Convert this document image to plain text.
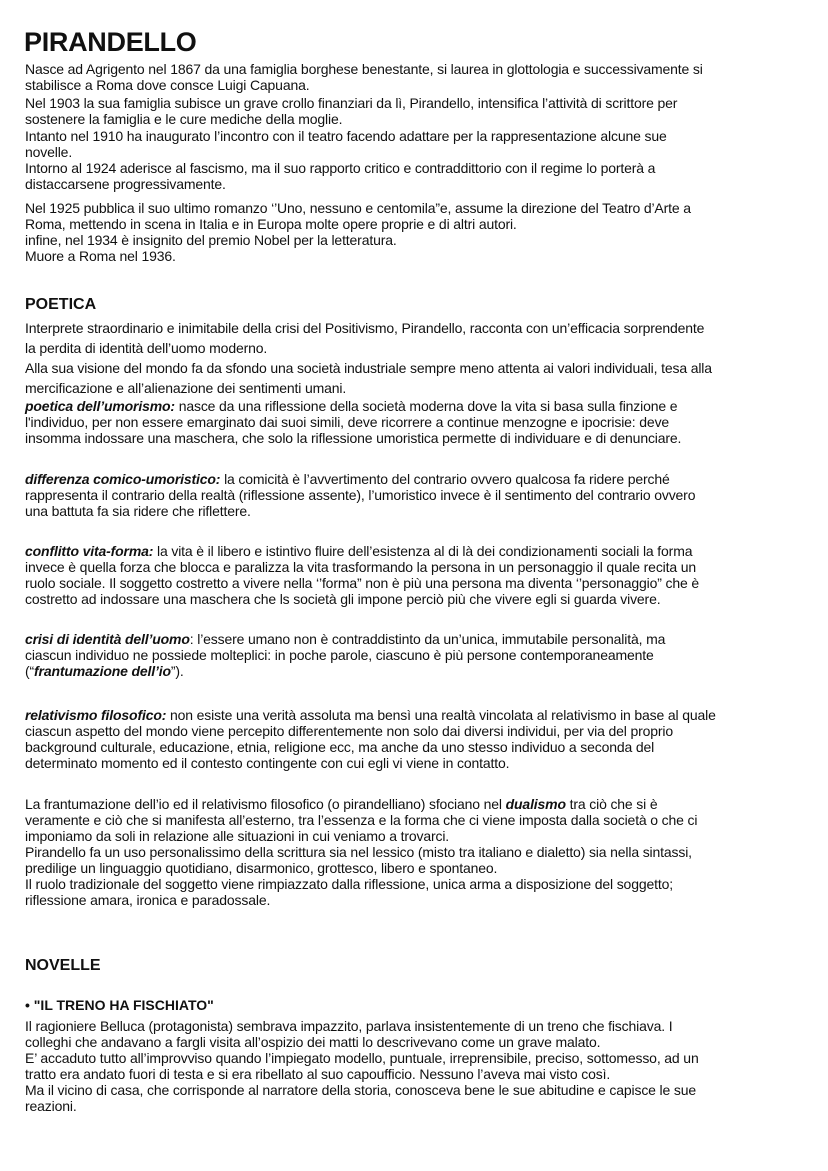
PIRANDELLO
Nasce ad Agrigento nel 1867 da una famiglia borghese benestante, si laurea in glottologia e successivamente si
stabilisce a Roma dove consce Luigi Capuana.
Nel 1903 la sua famiglia subisce un grave crollo finanziari da lì, Pirandello, intensifica l’attività di scrittore per
sostenere la famiglia e le cure mediche della moglie.
Intanto nel 1910 ha inaugurato l’incontro con il teatro facendo adattare per la rappresentazione alcune sue
novelle.
Intorno al 1924 aderisce al fascismo, ma il suo rapporto critico e contraddittorio con il regime lo porterà a
distaccarsene progressivamente.
Nel 1925 pubblica il suo ultimo romanzo ‘’Uno, nessuno e centomila”e, assume la direzione del Teatro d’Arte a
Roma, mettendo in scena in Italia e in Europa molte opere proprie e di altri autori.
infine, nel 1934 è insignito del premio Nobel per la letteratura.
Muore a Roma nel 1936.
POETICA
Interprete straordinario e inimitabile della crisi del Positivismo, Pirandello, racconta con un’efficacia sorprendente
la perdita di identità dell’uomo moderno.
Alla sua visione del mondo fa da sfondo una società industriale sempre meno attenta ai valori individuali, tesa alla
mercificazione e all’alienazione dei sentimenti umani.
poetica dell’umorismo: nasce da una riflessione della società moderna dove la vita si basa sulla finzione e
l'individuo, per non essere emarginato dai suoi simili, deve ricorrere a continue menzogne e ipocrisie: deve
insomma indossare una maschera, che solo la riflessione umoristica permette di individuare e di denunciare.
differenza comico-umoristico: la comicità è l’avvertimento del contrario ovvero qualcosa fa ridere perché
rappresenta il contrario della realtà (riflessione assente), l’umoristico invece è il sentimento del contrario ovvero
una battuta fa sia ridere che riflettere.
conflitto vita-forma: la vita è il libero e istintivo fluire dell’esistenza al di là dei condizionamenti sociali la forma
invece è quella forza che blocca e paralizza la vita trasformando la persona in un personaggio il quale recita un
ruolo sociale. Il soggetto costretto a vivere nella ‘’forma” non è più una persona ma diventa ‘’personaggio” che è
costretto ad indossare una maschera che ls società gli impone perciò più che vivere egli si guarda vivere.
crisi di identità dell’uomo: l’essere umano non è contraddistinto da un’unica, immutabile personalità, ma
ciascun individuo ne possiede molteplici: in poche parole, ciascuno è più persone contemporaneamente
(“frantumazione dell’io”).
relativismo filosofico: non esiste una verità assoluta ma bensì una realtà vincolata al relativismo in base al quale
ciascun aspetto del mondo viene percepito differentemente non solo dai diversi individui, per via del proprio
background culturale, educazione, etnia, religione ecc, ma anche da uno stesso individuo a seconda del
determinato momento ed il contesto contingente con cui egli vi viene in contatto.
La frantumazione dell’io ed il relativismo filosofico (o pirandelliano) sfociano nel dualismo tra ciò che si è
veramente e ciò che si manifesta all’esterno, tra l’essenza e la forma che ci viene imposta dalla società o che ci
imponiamo da soli in relazione alle situazioni in cui veniamo a trovarci.
Pirandello fa un uso personalissimo della scrittura sia nel lessico (misto tra italiano e dialetto) sia nella sintassi,
predilige un linguaggio quotidiano, disarmonico, grottesco, libero e spontaneo.
Il ruolo tradizionale del soggetto viene rimpiazzato dalla riflessione, unica arma a disposizione del soggetto;
riflessione amara, ironica e paradossale.
NOVELLE
• "IL TRENO HA FISCHIATO"
Il ragioniere Belluca (protagonista) sembrava impazzito, parlava insistentemente di un treno che fischiava. I
colleghi che andavano a fargli visita all’ospizio dei matti lo descrivevano come un grave malato.
E’ accaduto tutto all’improvviso quando l’impiegato modello, puntuale, irreprensibile, preciso, sottomesso, ad un
tratto era andato fuori di testa e si era ribellato al suo capoufficio. Nessuno l’aveva mai visto così.
Ma il vicino di casa, che corrisponde al narratore della storia, conosceva bene le sue abitudine e capisce le sue
reazioni.
